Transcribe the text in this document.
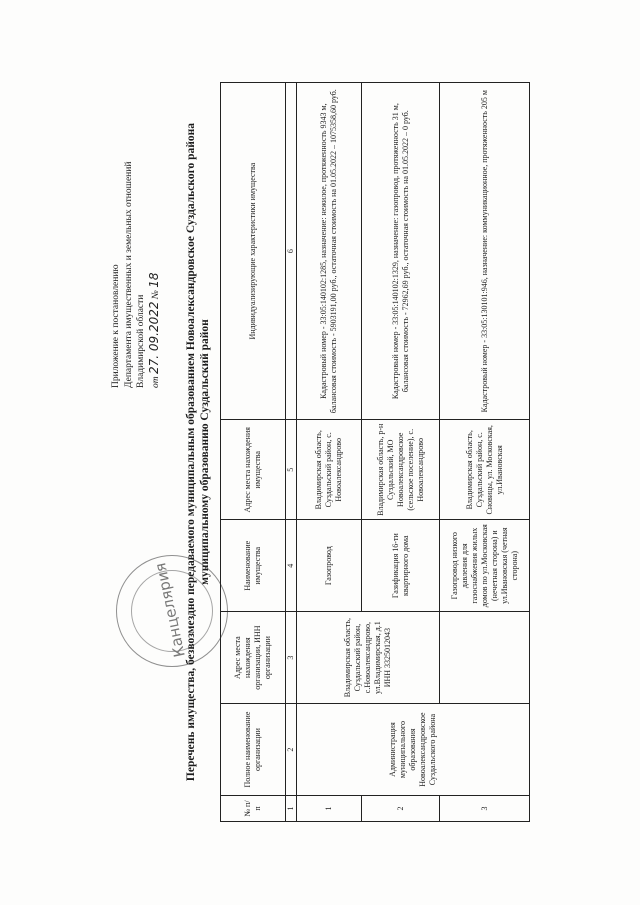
Приложение к постановлению Департамента имущественных и земельных отношений Владимирской области от 27. 09.2022 № 18
Канцелярия
Перечень имущества, безвозмездно передаваемого муниципальным образованием Новоалександровское Суздальского района муниципальному образованию Суздальский район
№ п/п	Полное наименование организации	Адрес места нахождения организации, ИНН организации	Наименование имущества	Адрес места нахождения имущества	Индивидуализирующие характеристики имущества
1	2	3	4	5	6
1	Администрация муниципального образования Новоалександровское Суздальского района	Владимирская область, Суздальский район, с.Новоалександрово, ул.Владимирская, д.1 ИНН 3325012043	Газопровод	Владимирская область, Суздальский район, с. Новоалександрово	Кадастровый номер - 33:05:140102:1285, назначение: нежилое, протяженность 9343 м, балансовая стоимость - 5903191,00 руб., остаточная стоимость на 01.05.2022 – 1075358,60 руб.
2			Газификация 16-ти квартирного дома	Владимирская область, р-н Суздальский, МО Новоалександровское (сельское поселение), с. Новоалександрово	Кадастровый номер - 33:05:140102:1329, назначение: газопровод, протяженность 31 м, балансовая стоимость - 72962,69 руб., остаточная стоимость на 01.05.2022 – 0 руб.
3			Газопровод низкого давления для газоснабжения жилых домов по ул.Московская (нечетная сторона) и ул.Ивановская (четная сторона)	Владимирская область, Суздальский район, с. Сновицы, ул. Московская, ул.Ивановская	Кадастровый номер - 33:05:130101:946, назначение: коммуникационное, протяженность 205 м
